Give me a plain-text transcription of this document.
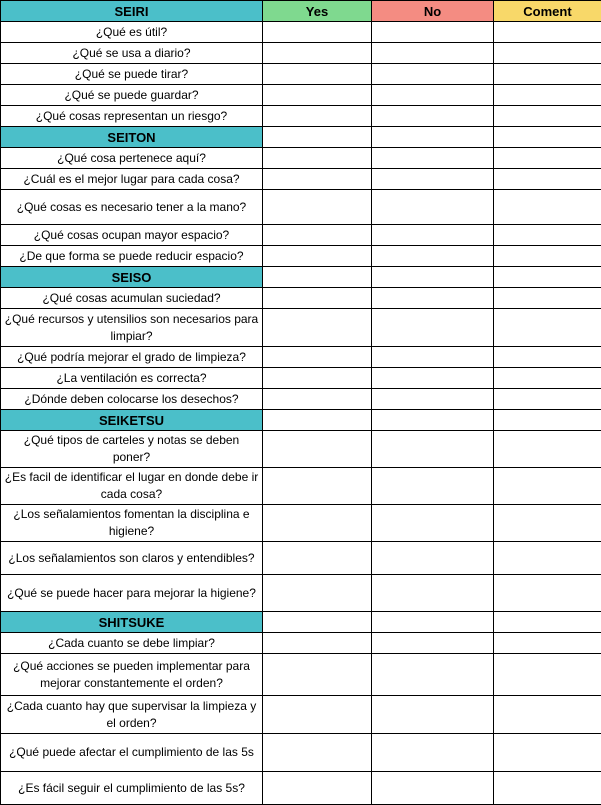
SEIRI	Yes	No	Coment
¿Qué es útil?			
¿Qué se usa a diario?			
¿Qué se puede tirar?			
¿Qué se puede guardar?			
¿Qué cosas representan un riesgo?			
SEITON			
¿Qué cosa pertenece aquí?			
¿Cuál es el mejor lugar para cada cosa?			
¿Qué cosas es necesario tener a la mano?			
¿Qué cosas ocupan mayor espacio?			
¿De que forma se puede reducir espacio?			
SEISO			
¿Qué cosas acumulan suciedad?			
¿Qué recursos y utensilios son necesarios para limpiar?			
¿Qué podría mejorar el grado de limpieza?			
¿La ventilación es correcta?			
¿Dónde deben colocarse los desechos?			
SEIKETSU			
¿Qué tipos de carteles y notas se deben poner?			
¿Es facil de identificar el lugar en donde debe ir cada cosa?			
¿Los señalamientos fomentan la disciplina e higiene?			
¿Los señalamientos son claros y entendibles?			
¿Qué se puede hacer para mejorar la higiene?			
SHITSUKE			
¿Cada cuanto se debe limpiar?			
¿Qué acciones se pueden implementar para mejorar constantemente el orden?			
¿Cada cuanto hay que supervisar la limpieza y el orden?			
¿Qué puede afectar el cumplimiento de las 5s			
¿Es fácil seguir el cumplimiento de las 5s?			
